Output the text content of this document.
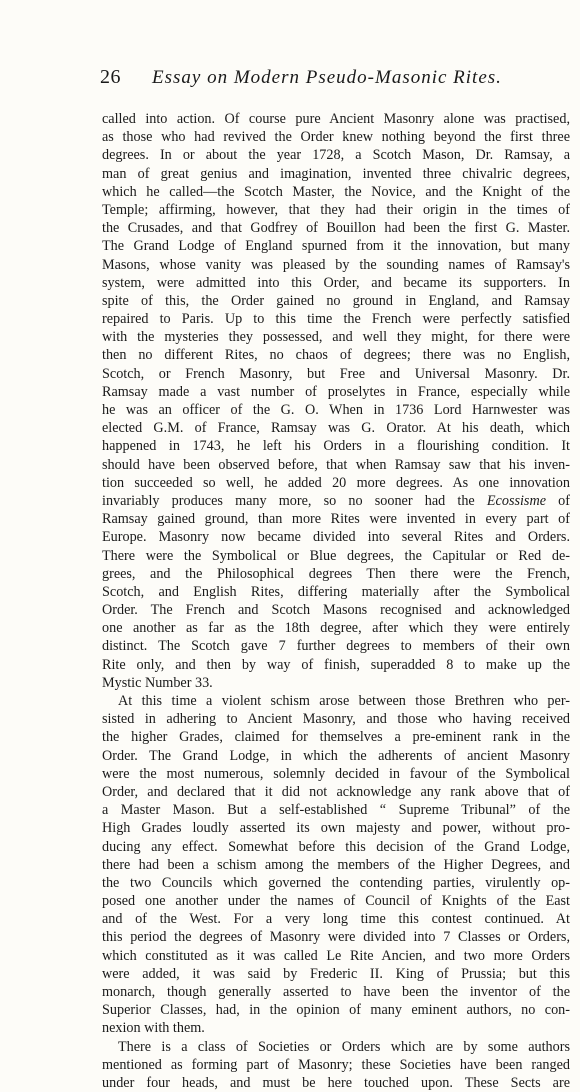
26	Essay on Modern Pseudo-Masonic Rites.
called into action. Of course pure Ancient Masonry alone was practised,
as those who had revived the Order knew nothing beyond the first three
degrees. In or about the year 1728, a Scotch Mason, Dr. Ramsay, a
man of great genius and imagination, invented three chivalric degrees,
which he called—the Scotch Master, the Novice, and the Knight of the
Temple; affirming, however, that they had their origin in the times of
the Crusades, and that Godfrey of Bouillon had been the first G. Master.
The Grand Lodge of England spurned from it the innovation, but many
Masons, whose vanity was pleased by the sounding names of Ramsay's
system, were admitted into this Order, and became its supporters. In
spite of this, the Order gained no ground in England, and Ramsay
repaired to Paris. Up to this time the French were perfectly satisfied
with the mysteries they possessed, and well they might, for there were
then no different Rites, no chaos of degrees; there was no English,
Scotch, or French Masonry, but Free and Universal Masonry. Dr.
Ramsay made a vast number of proselytes in France, especially while
he was an officer of the G. O. When in 1736 Lord Harnwester was
elected G.M. of France, Ramsay was G. Orator. At his death, which
happened in 1743, he left his Orders in a flourishing condition. It
should have been observed before, that when Ramsay saw that his inven-
tion succeeded so well, he added 20 more degrees. As one innovation
invariably produces many more, so no sooner had the Ecossisme of
Ramsay gained ground, than more Rites were invented in every part of
Europe. Masonry now became divided into several Rites and Orders.
There were the Symbolical or Blue degrees, the Capitular or Red de-
grees, and the Philosophical degrees Then there were the French,
Scotch, and English Rites, differing materially after the Symbolical
Order. The French and Scotch Masons recognised and acknowledged
one another as far as the 18th degree, after which they were entirely
distinct. The Scotch gave 7 further degrees to members of their own
Rite only, and then by way of finish, superadded 8 to make up the
Mystic Number 33.
At this time a violent schism arose between those Brethren who per-
sisted in adhering to Ancient Masonry, and those who having received
the higher Grades, claimed for themselves a pre-eminent rank in the
Order. The Grand Lodge, in which the adherents of ancient Masonry
were the most numerous, solemnly decided in favour of the Symbolical
Order, and declared that it did not acknowledge any rank above that of
a Master Mason. But a self-established “ Supreme Tribunal” of the
High Grades loudly asserted its own majesty and power, without pro-
ducing any effect. Somewhat before this decision of the Grand Lodge,
there had been a schism among the members of the Higher Degrees, and
the two Councils which governed the contending parties, virulently op-
posed one another under the names of Council of Knights of the East
and of the West. For a very long time this contest continued. At
this period the degrees of Masonry were divided into 7 Classes or Orders,
which constituted as it was called Le Rite Ancien, and two more Orders
were added, it was said by Frederic II. King of Prussia; but this
monarch, though generally asserted to have been the inventor of the
Superior Classes, had, in the opinion of many eminent authors, no con-
nexion with them.
There is a class of Societies or Orders which are by some authors
mentioned as forming part of Masonry; these Societies have been ranged
under four heads, and must be here touched upon. These Sects are
